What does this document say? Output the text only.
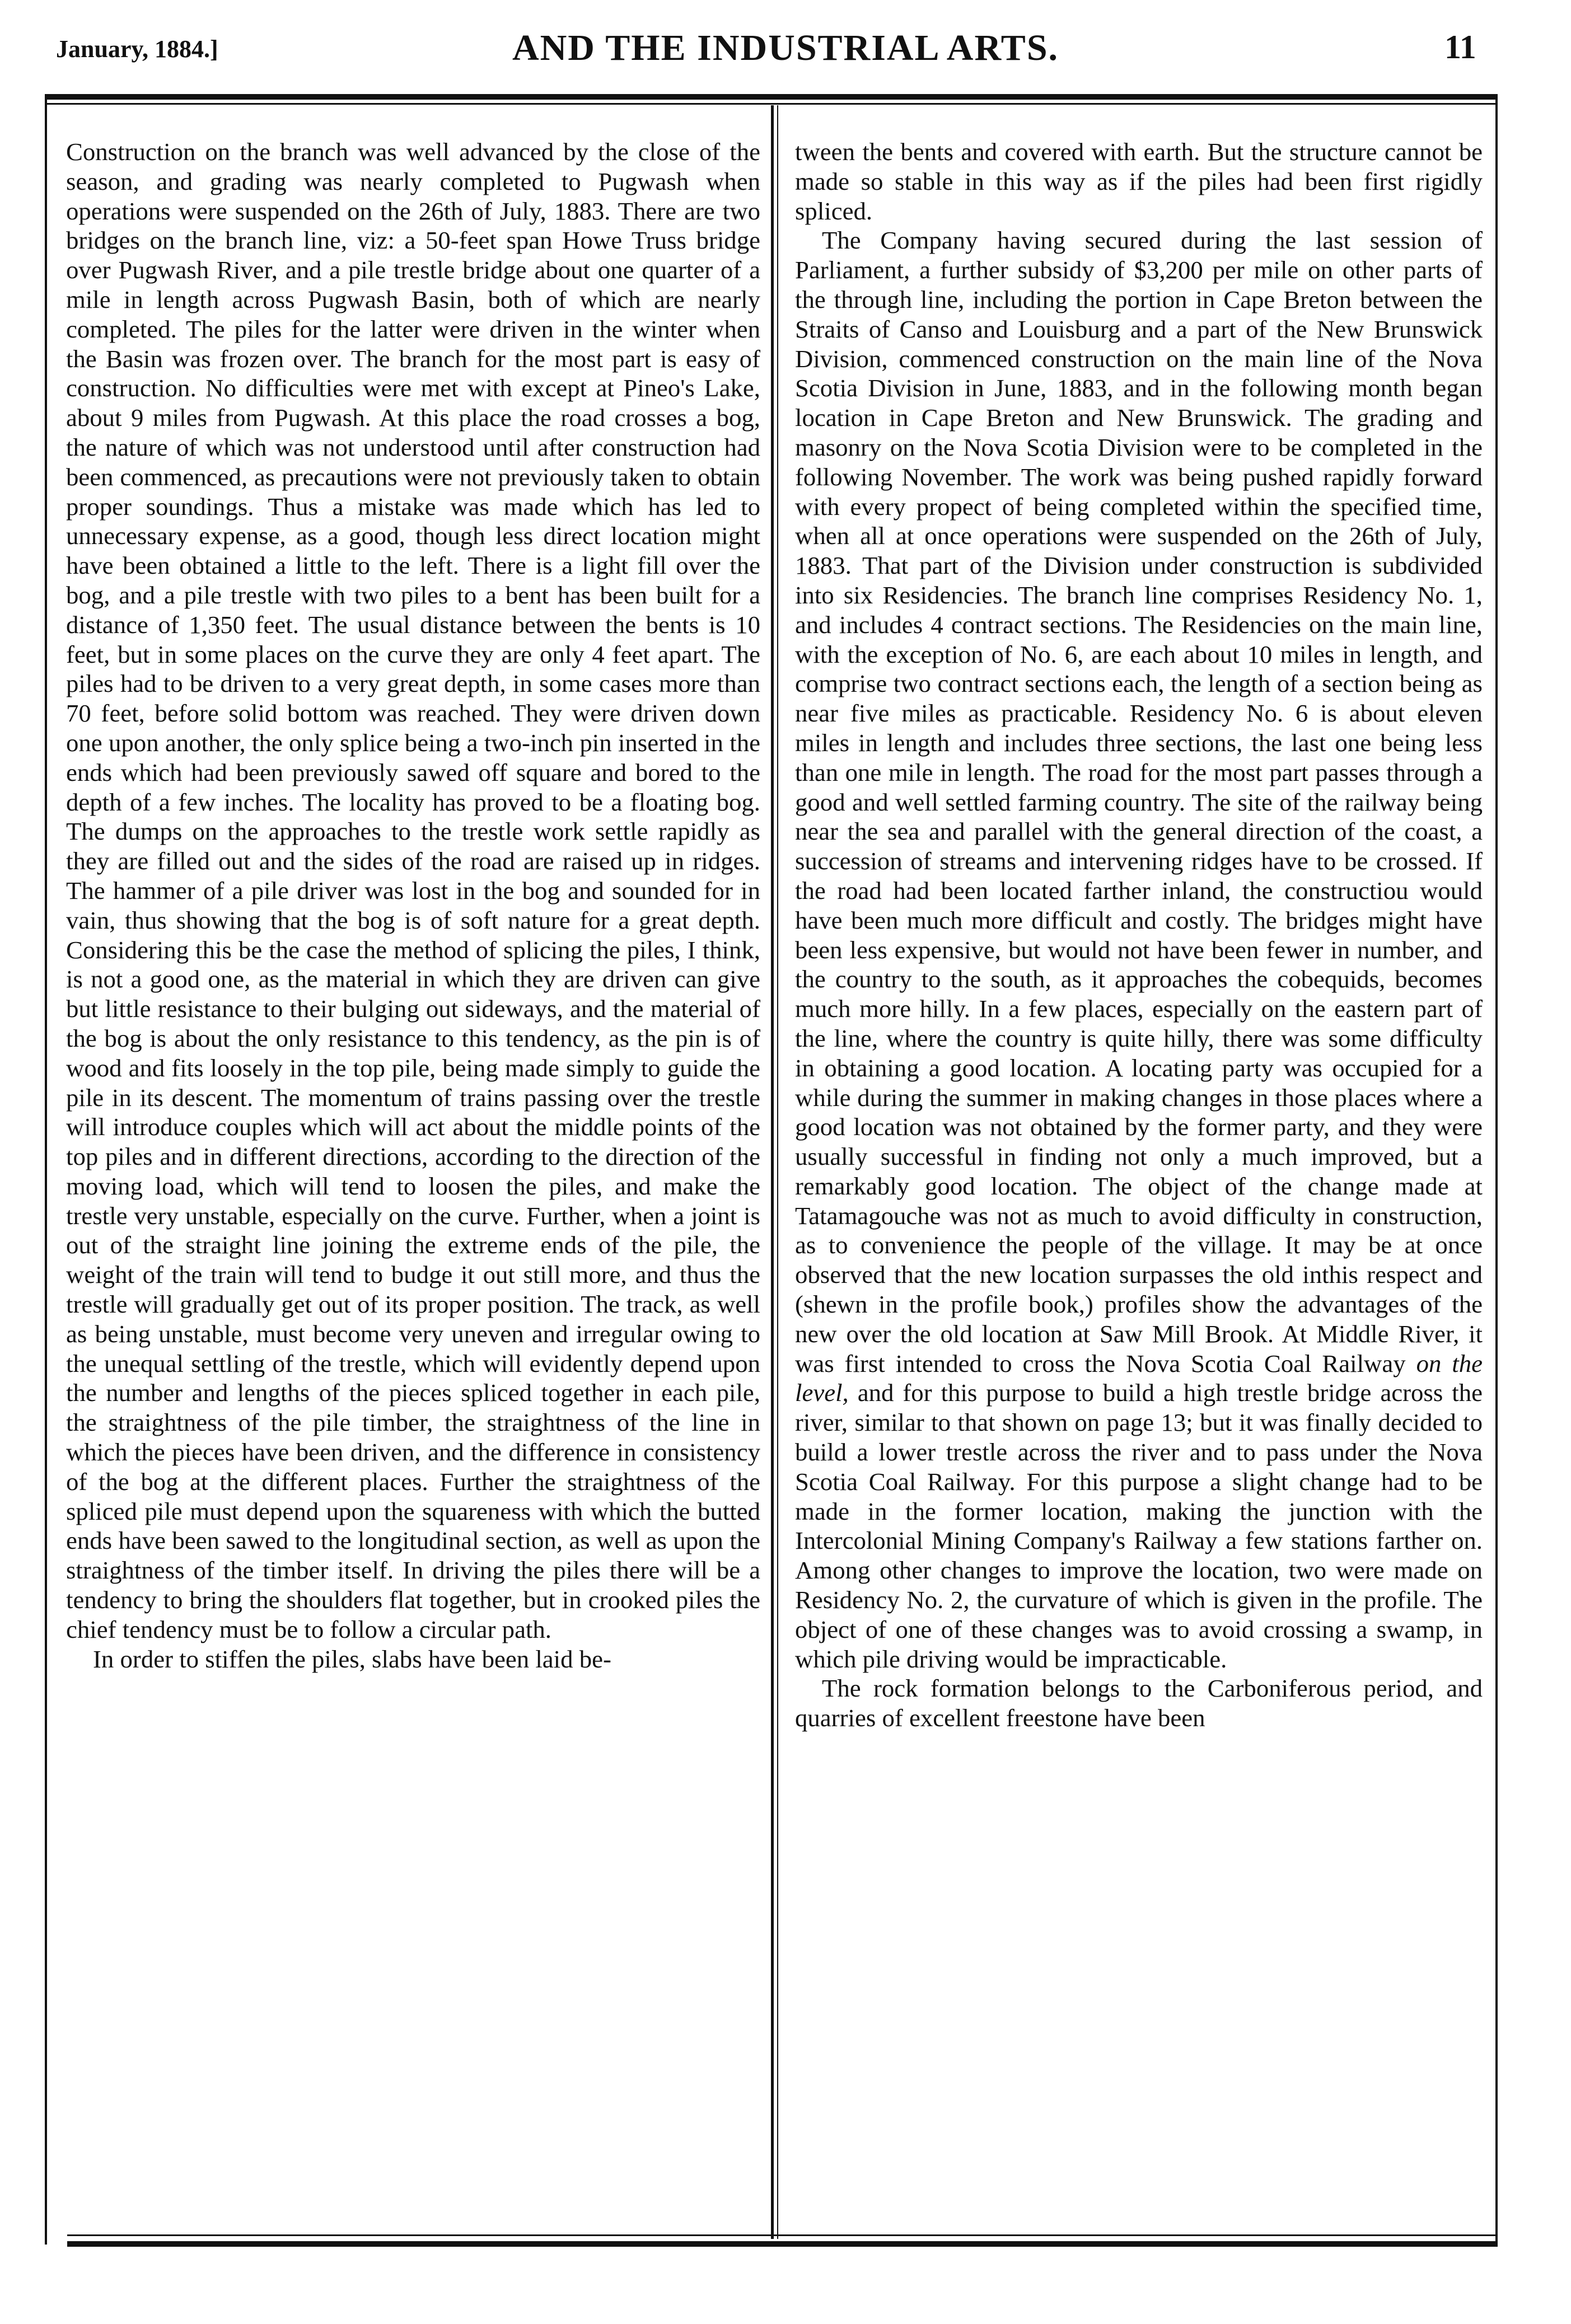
January, 1884.]	AND THE INDUSTRIAL ARTS.	11

Construction on the branch was well advanced by the close of the season, and grading was nearly completed to Pugwash when operations were suspended on the 26th of July, 1883. There are two bridges on the branch line, viz: a 50-feet span Howe Truss bridge over Pugwash River, and a pile trestle bridge about one quarter of a mile in length across Pugwash Basin, both of which are nearly completed. The piles for the latter were driven in the winter when the Basin was frozen over. The branch for the most part is easy of construction. No difficulties were met with except at Pineo's Lake, about 9 miles from Pugwash. At this place the road crosses a bog, the nature of which was not understood until after construction had been commenced, as precautions were not previously taken to obtain proper soundings. Thus a mistake was made which has led to unnecessary expense, as a good, though less direct location might have been obtained a little to the left. There is a light fill over the bog, and a pile trestle with two piles to a bent has been built for a distance of 1,350 feet. The usual distance between the bents is 10 feet, but in some places on the curve they are only 4 feet apart. The piles had to be driven to a very great depth, in some cases more than 70 feet, before solid bottom was reached. They were driven down one upon another, the only splice being a two-inch pin inserted in the ends which had been previously sawed off square and bored to the depth of a few inches. The locality has proved to be a floating bog. The dumps on the approaches to the trestle work settle rapidly as they are filled out and the sides of the road are raised up in ridges. The hammer of a pile driver was lost in the bog and sounded for in vain, thus showing that the bog is of soft nature for a great depth. Considering this be the case the method of splicing the piles, I think, is not a good one, as the material in which they are driven can give but little resistance to their bulging out sideways, and the material of the bog is about the only resistance to this tendency, as the pin is of wood and fits loosely in the top pile, being made simply to guide the pile in its descent. The momentum of trains passing over the trestle will introduce couples which will act about the middle points of the top piles and in different directions, according to the direction of the moving load, which will tend to loosen the piles, and make the trestle very unstable, especially on the curve. Further, when a joint is out of the straight line joining the extreme ends of the pile, the weight of the train will tend to budge it out still more, and thus the trestle will gradually get out of its proper position. The track, as well as being unstable, must become very uneven and irregular owing to the unequal settling of the trestle, which will evidently depend upon the number and lengths of the pieces spliced together in each pile, the straightness of the pile timber, the straightness of the line in which the pieces have been driven, and the difference in consistency of the bog at the different places. Further the straightness of the spliced pile must depend upon the squareness with which the butted ends have been sawed to the longitudinal section, as well as upon the straightness of the timber itself. In driving the piles there will be a tendency to bring the shoulders flat together, but in crooked piles the chief tendency must be to follow a circular path.

In order to stiffen the piles, slabs have been laid be-

tween the bents and covered with earth. But the structure cannot be made so stable in this way as if the piles had been first rigidly spliced.

The Company having secured during the last session of Parliament, a further subsidy of $3,200 per mile on other parts of the through line, including the portion in Cape Breton between the Straits of Canso and Louisburg and a part of the New Brunswick Division, commenced construction on the main line of the Nova Scotia Division in June, 1883, and in the following month began location in Cape Breton and New Brunswick. The grading and masonry on the Nova Scotia Division were to be completed in the following November. The work was being pushed rapidly forward with every propect of being completed within the specified time, when all at once operations were suspended on the 26th of July, 1883. That part of the Division under construction is subdivided into six Residencies. The branch line comprises Residency No. 1, and includes 4 contract sections. The Residencies on the main line, with the exception of No. 6, are each about 10 miles in length, and comprise two contract sections each, the length of a section being as near five miles as practicable. Residency No. 6 is about eleven miles in length and includes three sections, the last one being less than one mile in length. The road for the most part passes through a good and well settled farming country. The site of the railway being near the sea and parallel with the general direction of the coast, a succession of streams and intervening ridges have to be crossed. If the road had been located farther inland, the constructiou would have been much more difficult and costly. The bridges might have been less expensive, but would not have been fewer in number, and the country to the south, as it approaches the cobequids, becomes much more hilly. In a few places, especially on the eastern part of the line, where the country is quite hilly, there was some difficulty in obtaining a good location. A locating party was occupied for a while during the summer in making changes in those places where a good location was not obtained by the former party, and they were usually successful in finding not only a much improved, but a remarkably good location. The object of the change made at Tatamagouche was not as much to avoid difficulty in construction, as to convenience the people of the village. It may be at once observed that the new location surpasses the old inthis respect and (shewn in the profile book,) profiles show the advantages of the new over the old location at Saw Mill Brook. At Middle River, it was first intended to cross the Nova Scotia Coal Railway on the level, and for this purpose to build a high trestle bridge across the river, similar to that shown on page 13; but it was finally decided to build a lower trestle across the river and to pass under the Nova Scotia Coal Railway. For this purpose a slight change had to be made in the former location, making the junction with the Intercolonial Mining Company's Railway a few stations farther on. Among other changes to improve the location, two were made on Residency No. 2, the curvature of which is given in the profile. The object of one of these changes was to avoid crossing a swamp, in which pile driving would be impracticable.

The rock formation belongs to the Carboniferous period, and quarries of excellent freestone have been
